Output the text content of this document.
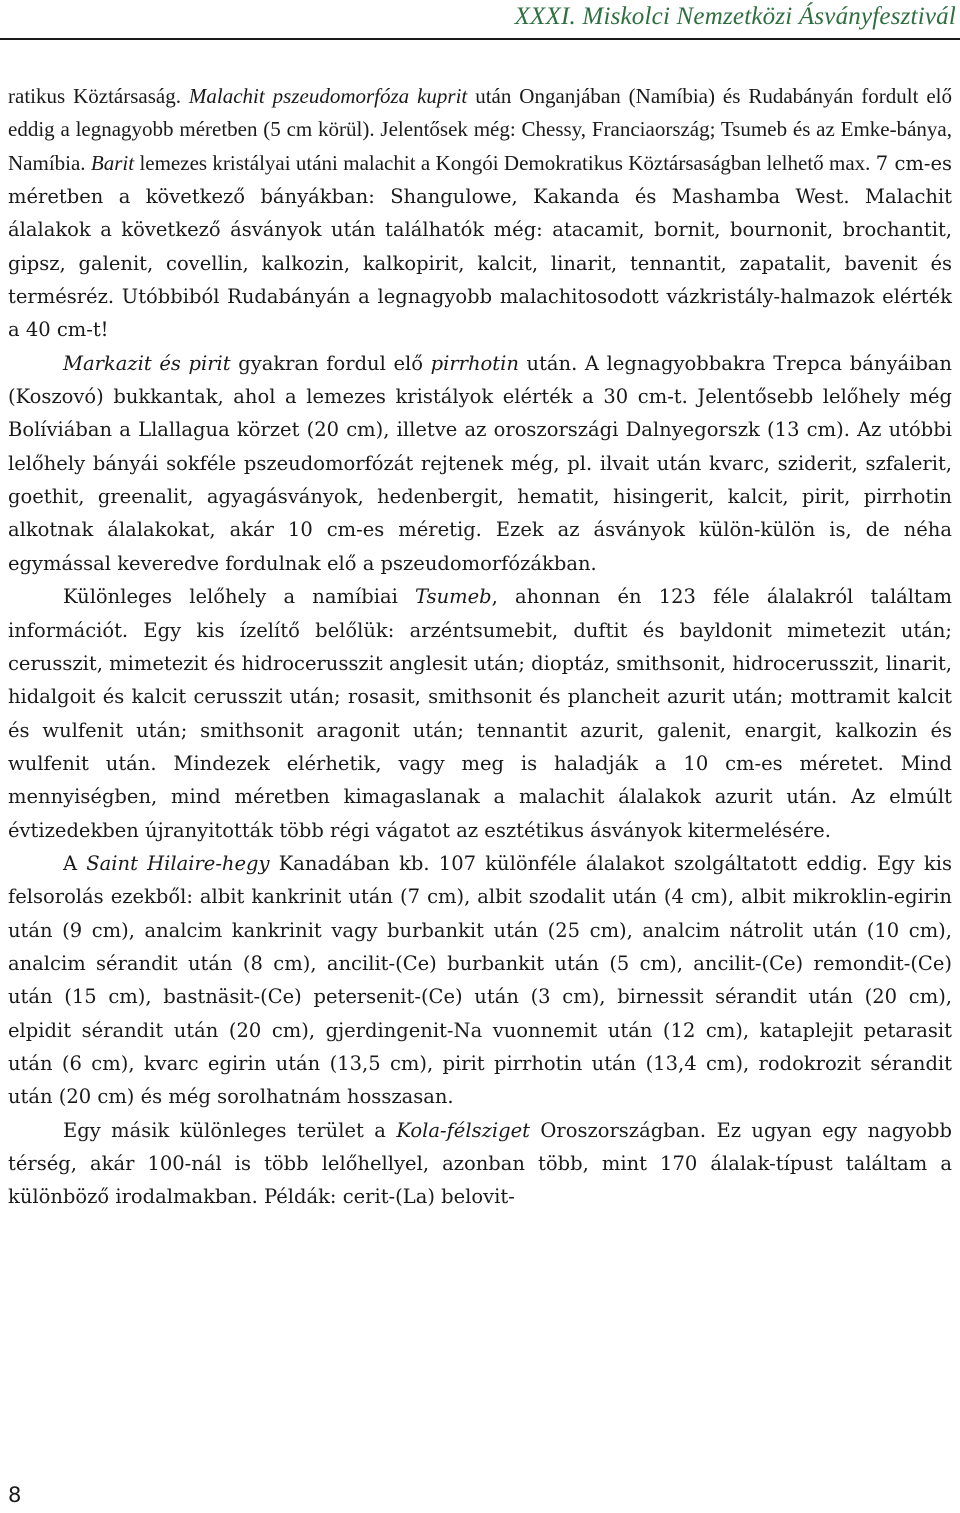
XXXI. Miskolci Nemzetközi Ásványfesztivál

ratikus Köztársaság. Malachit pszeudomorfóza kuprit után Onganjában (Namíbia) és Rudabányán fordult elő eddig a legnagyobb méretben (5 cm körül). Jelentősek még: Chessy, Franciaország; Tsumeb és az Emke-bánya, Namíbia. Barit lemezes kristályai utáni malachit a Kongói Demokratikus Köztársaságban lelhető max. 7 cm-es méretben a következő bányákban: Shangulowe, Kakanda és Mashamba West. Malachit álalakok a következő ásványok után találhatók még: atacamit, bornit, bournonit, brochantit, gipsz, galenit, covellin, kalkozin, kalkopirit, kalcit, linarit, tennantit, zapatalit, bavenit és termésréz. Utóbbiból Rudabányán a legnagyobb malachitosodott vázkristály-halmazok elérték a 40 cm-t!

Markazit és pirit gyakran fordul elő pirrhotin után. A legnagyobbakra Trepca bányáiban (Koszovó) bukkantak, ahol a lemezes kristályok elérték a 30 cm-t. Jelentősebb lelőhely még Bolíviában a Llallagua körzet (20 cm), illetve az oroszországi Dalnyegorszk (13 cm). Az utóbbi lelőhely bányái sokféle pszeudomorfózát rejtenek még, pl. ilvait után kvarc, sziderit, szfalerit, goethit, greenalit, agyagásványok, hedenbergit, hematit, hisingerit, kalcit, pirit, pirrhotin alkotnak álalakokat, akár 10 cm-es méretig. Ezek az ásványok külön-külön is, de néha egymással keveredve fordulnak elő a pszeudomorfózákban.

Különleges lelőhely a namíbiai Tsumeb, ahonnan én 123 féle álalakról találtam információt. Egy kis ízelítő belőlük: arzéntsumebit, duftit és bayldonit mimetezit után; cerusszit, mimetezit és hidrocerusszit anglesit után; dioptáz, smithsonit, hidrocerusszit, linarit, hidalgoit és kalcit cerusszit után; rosasit, smithsonit és plancheit azurit után; mottramit kalcit és wulfenit után; smithsonit aragonit után; tennantit azurit, galenit, enargit, kalkozin és wulfenit után. Mindezek elérhetik, vagy meg is haladják a 10 cm-es méretet. Mind mennyiségben, mind méretben kimagaslanak a malachit álalakok azurit után. Az elmúlt évtizedekben újranyitották több régi vágatot az esztétikus ásványok kitermelésére.

A Saint Hilaire-hegy Kanadában kb. 107 különféle álalakot szolgáltatott eddig. Egy kis felsorolás ezekből: albit kankrinit után (7 cm), albit szodalit után (4 cm), albit mikroklin-egirin után (9 cm), analcim kankrinit vagy burbankit után (25 cm), analcim nátrolit után (10 cm), analcim sérandit után (8 cm), ancilit-(Ce) burbankit után (5 cm), ancilit-(Ce) remondit-(Ce) után (15 cm), bastnäsit-(Ce) petersenit-(Ce) után (3 cm), birnessit sérandit után (20 cm), elpidit sérandit után (20 cm), gjerdingenit-Na vuonnemit után (12 cm), kataplejit petarasit után (6 cm), kvarc egirin után (13,5 cm), pirit pirrhotin után (13,4 cm), rodokrozit sérandit után (20 cm) és még sorolhatnám hosszasan.

Egy másik különleges terület a Kola-félsziget Oroszországban. Ez ugyan egy nagyobb térség, akár 100-nál is több lelőhellyel, azonban több, mint 170 álalak-típust találtam a különböző irodalmakban. Példák: cerit-(La) belovit-

8
